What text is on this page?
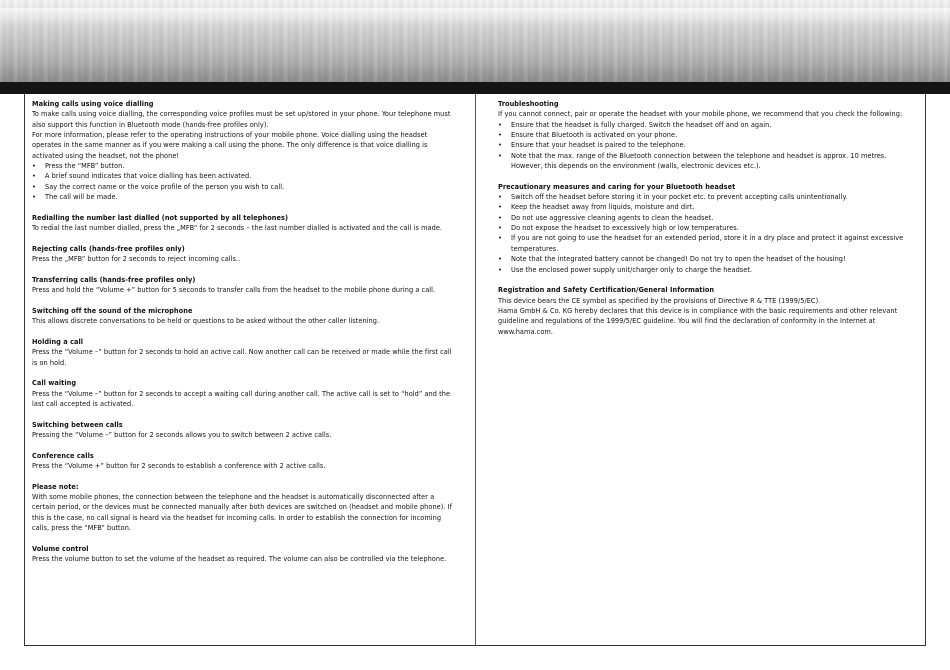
Making calls using voice dialling

To make calls using voice dialling, the corresponding voice profiles must be set up/stored in your phone. Your telephone must also support this function in Bluetooth mode (hands-free profiles only).

For more information, please refer to the operating instructions of your mobile phone. Voice dialling using the headset operates in the same manner as if you were making a call using the phone. The only difference is that voice dialling is activated using the headset, not the phone!

• Press the “MFB” button.
• A brief sound indicates that voice dialling has been activated.
• Say the correct name or the voice profile of the person you wish to call.
• The call will be made.
Redialling the number last dialled (not supported by all telephones)

To redial the last number dialled, press the „MFB“ for 2 seconds – the last number dialled is activated and the call is made.

Rejecting calls (hands-free profiles only)

Press the „MFB“ button for 2 seconds to reject incoming calls..

Transferring calls (hands-free profiles only)

Press and hold the “Volume +” button for 5 seconds to transfer calls from the headset to the mobile phone during a call.

Switching off the sound of the microphone

This allows discrete conversations to be held or questions to be asked without the other caller listening.

Holding a call

Press the “Volume –” button for 2 seconds to hold an active call. Now another call can be received or made while the first call is on hold.

Call waiting

Press the “Volume –” button for 2 seconds to accept a waiting call during another call. The active call is set to “hold” and the last call accepted is activated.

Switching between calls

Pressing the “Volume –” button for 2 seconds allows you to switch between 2 active calls.

Conference calls

Press the “Volume +” button for 2 seconds to establish a conference with 2 active calls.

Please note:

With some mobile phones, the connection between the telephone and the headset is automatically disconnected after a certain period, or the devices must be connected manually after both devices are switched on (headset and mobile phone). If this is the case, no call signal is heard via the headset for incoming calls. In order to establish the connection for incoming calls, press the “MFB” button.

Volume control

Press the volume button to set the volume of the headset as required. The volume can also be controlled via the telephone.

Troubleshooting

If you cannot connect, pair or operate the headset with your mobile phone, we recommend that you check the following:

• Ensure that the headset is fully charged. Switch the headset off and on again.
• Ensure that Bluetooth is activated on your phone.
• Ensure that your headset is paired to the telephone.
• Note that the max. range of the Bluetooth connection between the telephone and headset is approx. 10 metres. However, this depends on the environment (walls, electronic devices etc.).
Precautionary measures and caring for your Bluetooth headset
• Switch off the headset before storing it in your pocket etc. to prevent accepting calls unintentionally.
• Keep the headset away from liquids, moisture and dirt.
• Do not use aggressive cleaning agents to clean the headset.
• Do not expose the headset to excessively high or low temperatures.
• If you are not going to use the headset for an extended period, store it in a dry place and protect it against excessive temperatures.
• Note that the integrated battery cannot be changed! Do not try to open the headset of the housing!
• Use the enclosed power supply unit/charger only to charge the headset.
Registration and Safety Certification/General Information

This device bears the CE symbol as specified by the provisions of Directive R & TTE (1999/5/EC).

Hama GmbH & Co. KG hereby declares that this device is in compliance with the basic requirements and other relevant guideline and regulations of the 1999/5/EC guideline. You will find the declaration of conformity in the Internet at www.hama.com.
